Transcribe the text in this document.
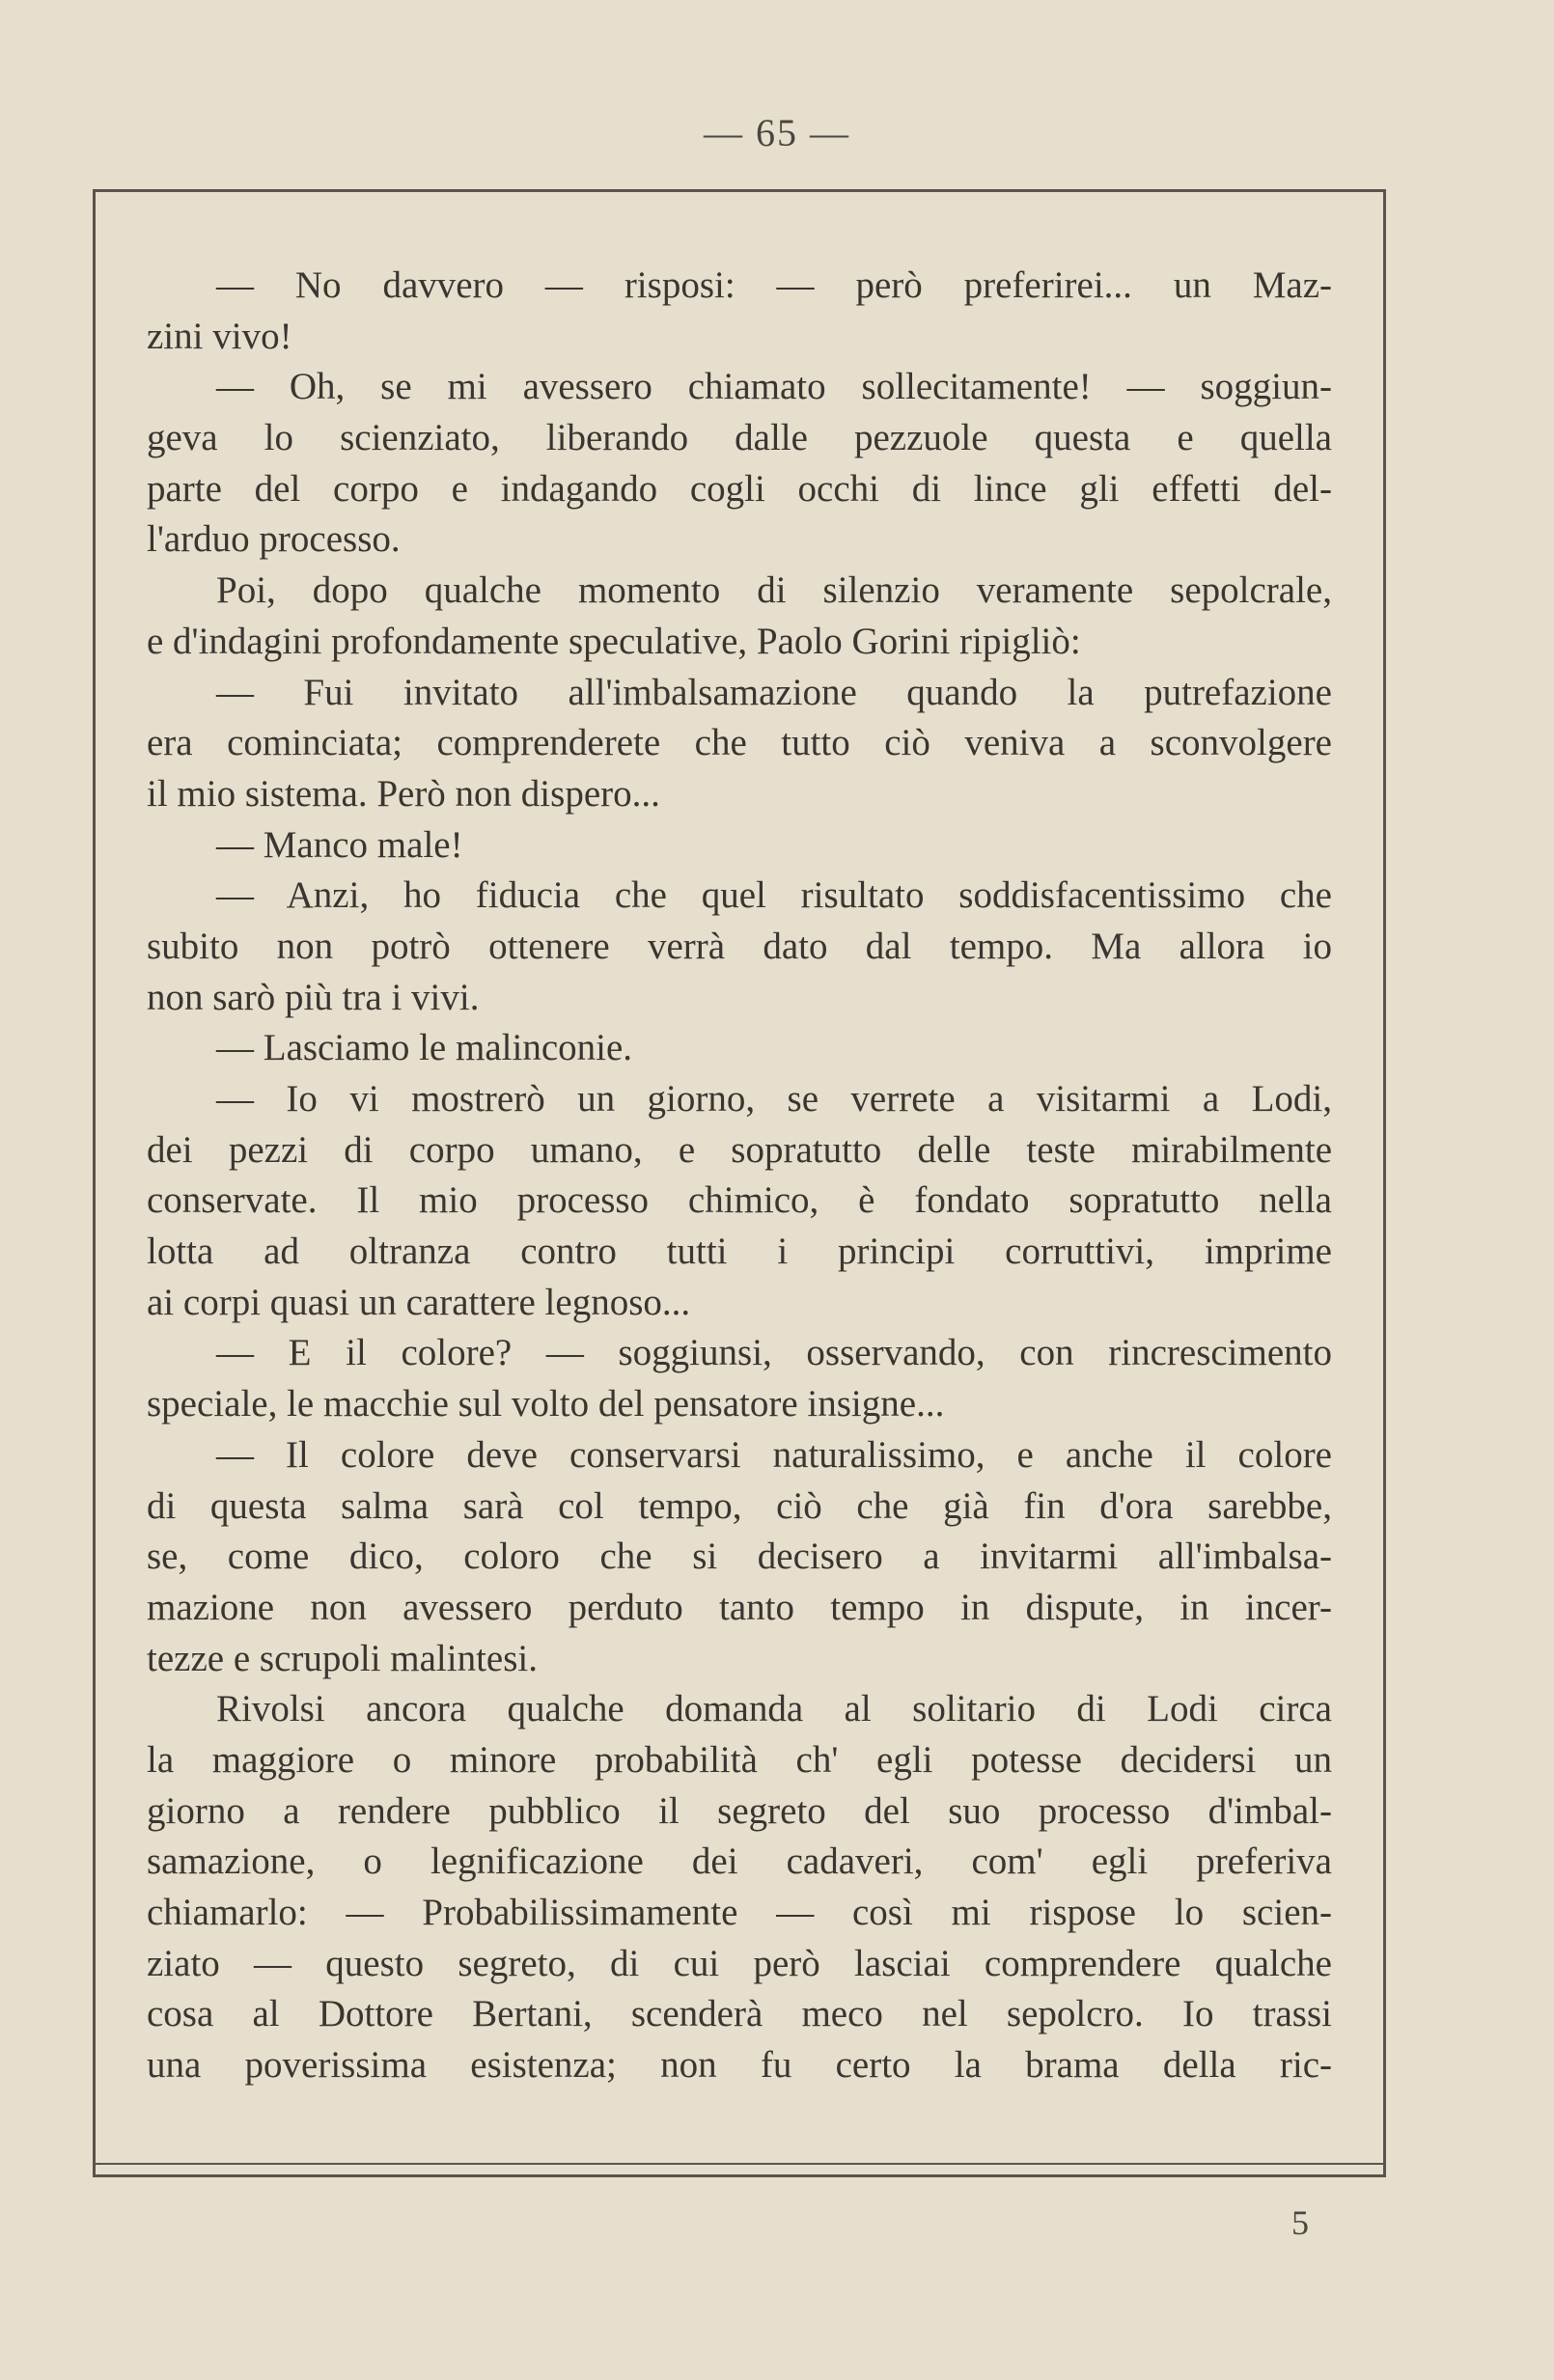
— 65 —
— No davvero — risposi: — però preferirei... un Maz-
zini vivo!
— Oh, se mi avessero chiamato sollecitamente! — soggiun-
geva lo scienziato, liberando dalle pezzuole questa e quella
parte del corpo e indagando cogli occhi di lince gli effetti del-
l'arduo processo.
Poi, dopo qualche momento di silenzio veramente sepolcrale,
e d'indagini profondamente speculative, Paolo Gorini ripigliò:
— Fui invitato all'imbalsamazione quando la putrefazione
era cominciata; comprenderete che tutto ciò veniva a sconvolgere
il mio sistema. Però non dispero...
— Manco male!
— Anzi, ho fiducia che quel risultato soddisfacentissimo che
subito non potrò ottenere verrà dato dal tempo. Ma allora io
non sarò più tra i vivi.
— Lasciamo le malinconie.
— Io vi mostrerò un giorno, se verrete a visitarmi a Lodi,
dei pezzi di corpo umano, e sopratutto delle teste mirabilmente
conservate. Il mio processo chimico, è fondato sopratutto nella
lotta ad oltranza contro tutti i principi corruttivi, imprime
ai corpi quasi un carattere legnoso...
— E il colore? — soggiunsi, osservando, con rincrescimento
speciale, le macchie sul volto del pensatore insigne...
— Il colore deve conservarsi naturalissimo, e anche il colore
di questa salma sarà col tempo, ciò che già fin d'ora sarebbe,
se, come dico, coloro che si decisero a invitarmi all'imbalsa-
mazione non avessero perduto tanto tempo in dispute, in incer-
tezze e scrupoli malintesi.
Rivolsi ancora qualche domanda al solitario di Lodi circa
la maggiore o minore probabilità ch' egli potesse decidersi un
giorno a rendere pubblico il segreto del suo processo d'imbal-
samazione, o legnificazione dei cadaveri, com' egli preferiva
chiamarlo: — Probabilissimamente — così mi rispose lo scien-
ziato — questo segreto, di cui però lasciai comprendere qualche
cosa al Dottore Bertani, scenderà meco nel sepolcro. Io trassi
una poverissima esistenza; non fu certo la brama della ric-
5
